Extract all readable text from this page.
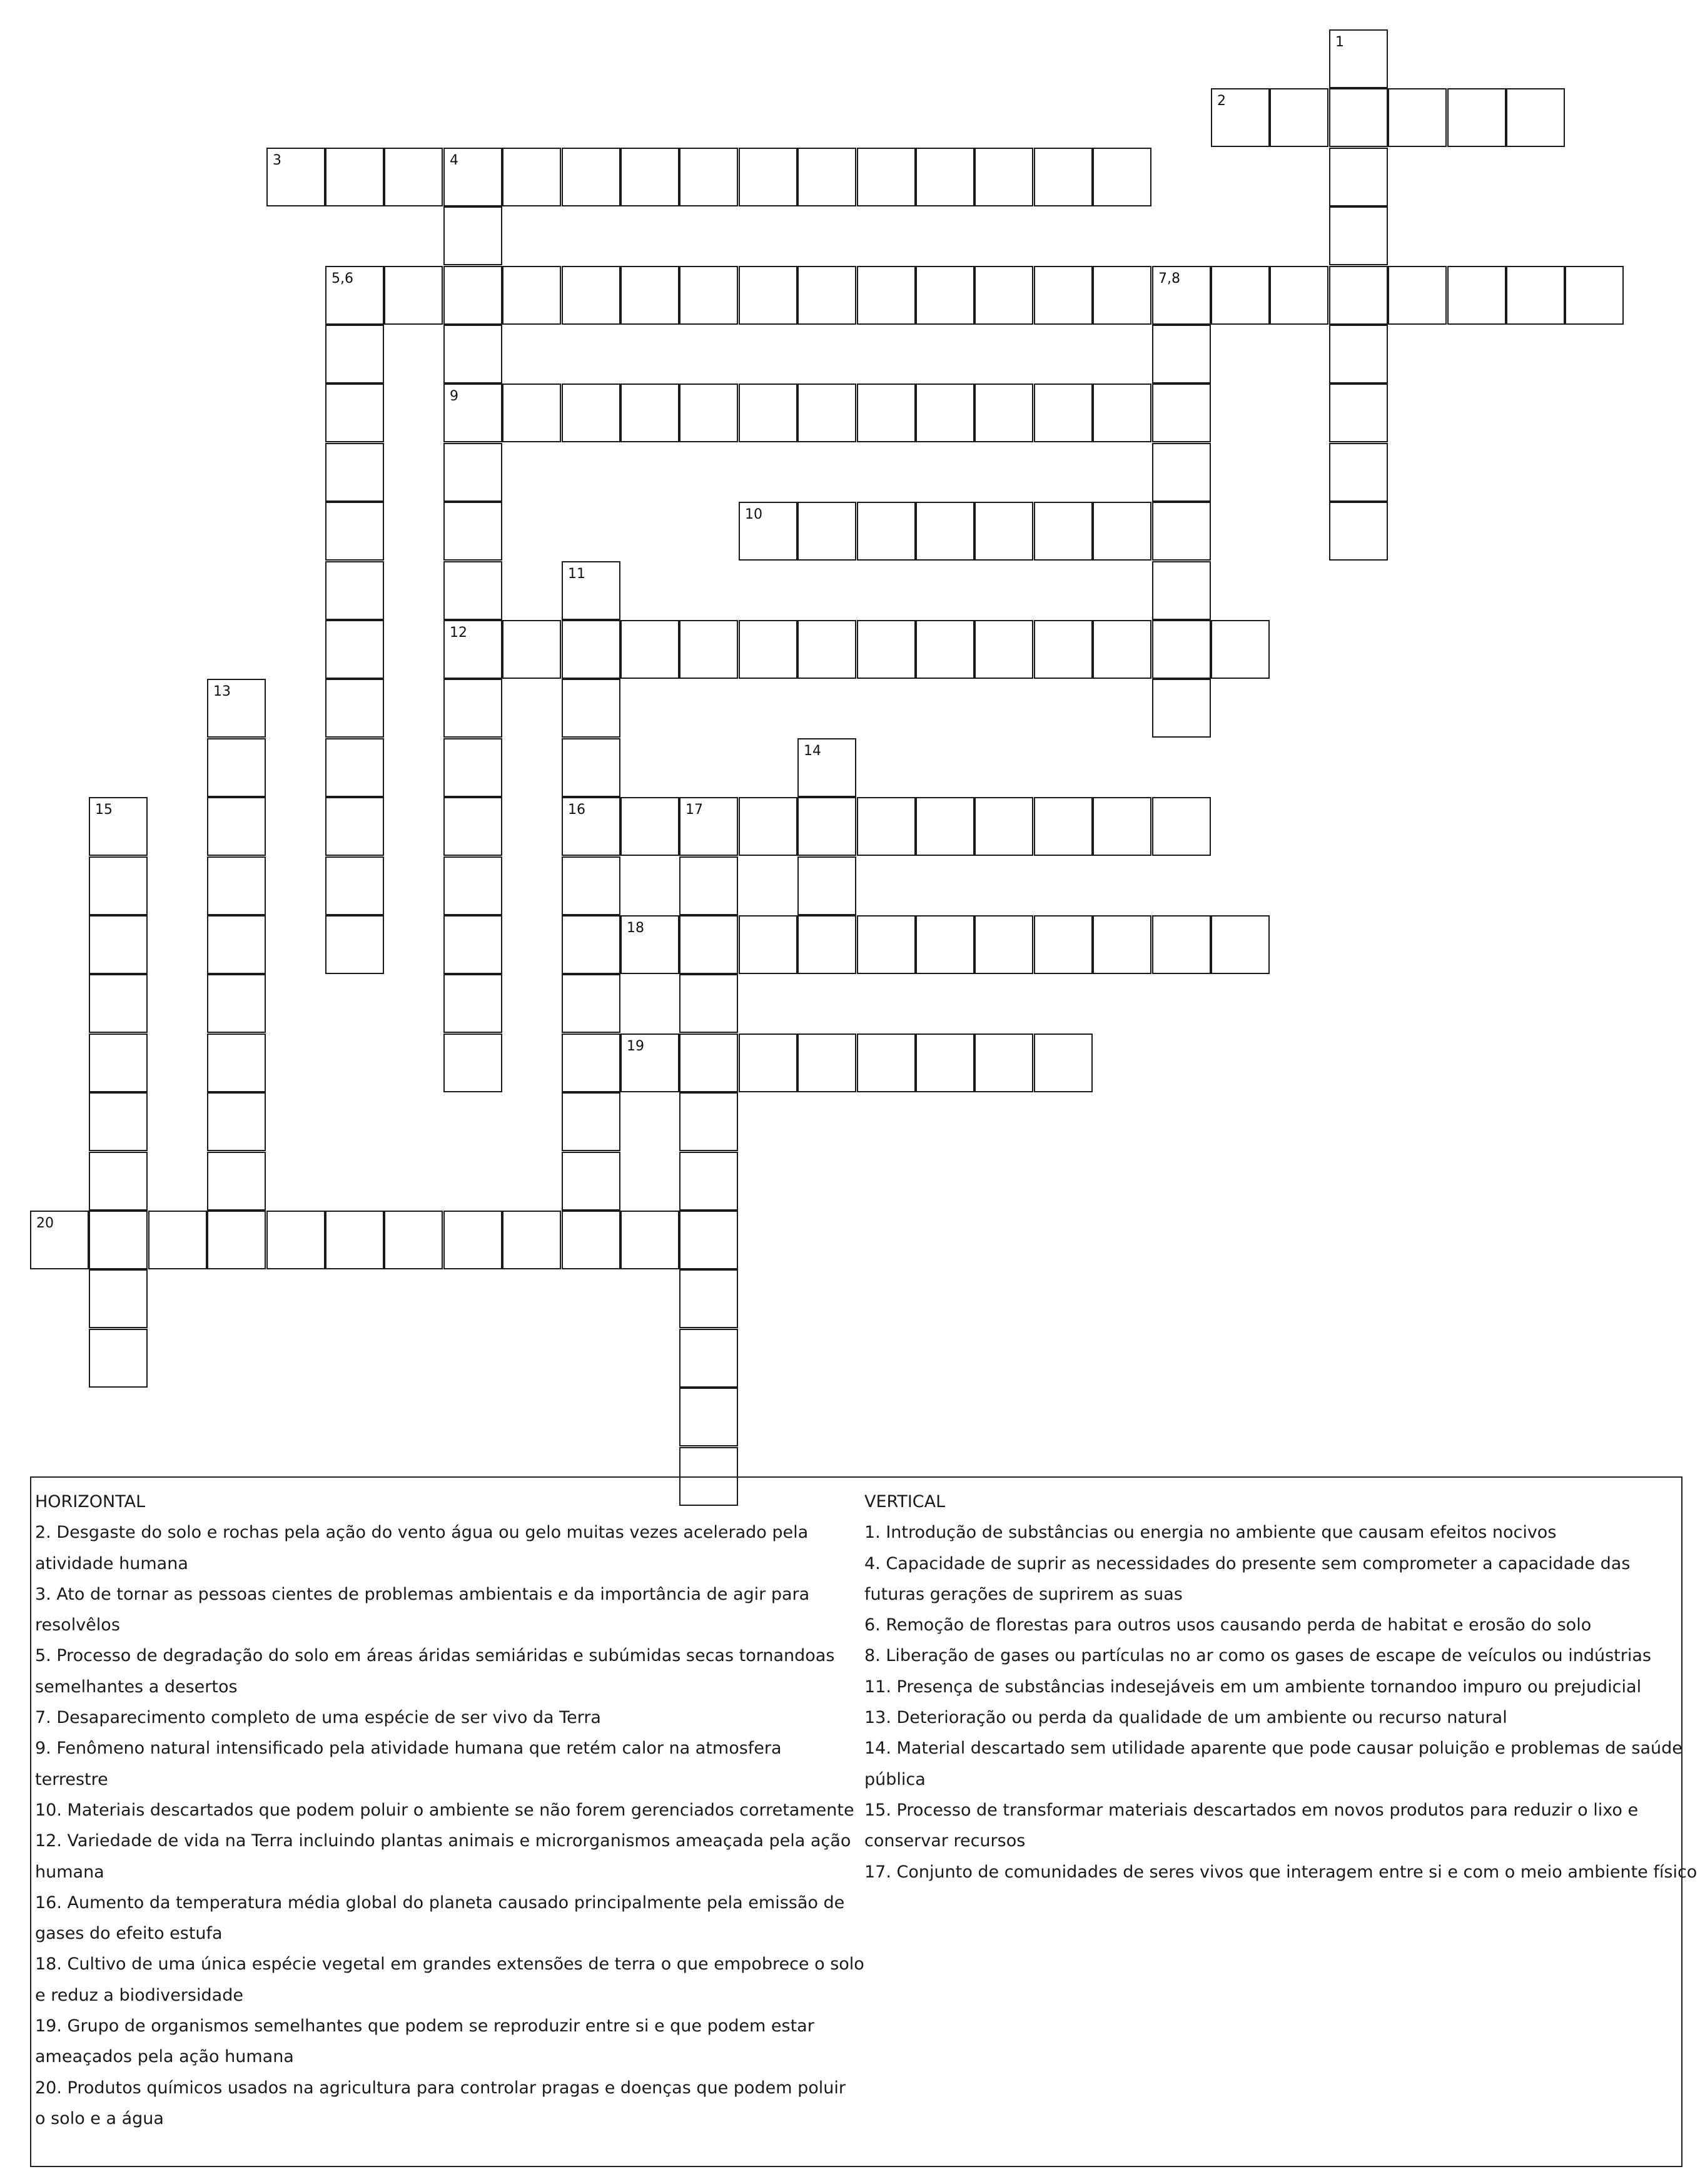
1
2
3	4
5,6	7,8
9
10
11
12
13
14
15	16	17
18
19
20
HORIZONTAL
2. Desgaste do solo e rochas pela ação do vento água ou gelo muitas vezes acelerado pela
atividade humana
3. Ato de tornar as pessoas cientes de problemas ambientais e da importância de agir para
resolvêlos
5. Processo de degradação do solo em áreas áridas semiáridas e subúmidas secas tornandoas
semelhantes a desertos
7. Desaparecimento completo de uma espécie de ser vivo da Terra
9. Fenômeno natural intensificado pela atividade humana que retém calor na atmosfera
terrestre
10. Materiais descartados que podem poluir o ambiente se não forem gerenciados corretamente
12. Variedade de vida na Terra incluindo plantas animais e microrganismos ameaçada pela ação
humana
16. Aumento da temperatura média global do planeta causado principalmente pela emissão de
gases do efeito estufa
18. Cultivo de uma única espécie vegetal em grandes extensões de terra o que empobrece o solo
e reduz a biodiversidade
19. Grupo de organismos semelhantes que podem se reproduzir entre si e que podem estar
ameaçados pela ação humana
20. Produtos químicos usados na agricultura para controlar pragas e doenças que podem poluir
o solo e a água
VERTICAL
1. Introdução de substâncias ou energia no ambiente que causam efeitos nocivos
4. Capacidade de suprir as necessidades do presente sem comprometer a capacidade das
futuras gerações de suprirem as suas
6. Remoção de florestas para outros usos causando perda de habitat e erosão do solo
8. Liberação de gases ou partículas no ar como os gases de escape de veículos ou indústrias
11. Presença de substâncias indesejáveis em um ambiente tornandoo impuro ou prejudicial
13. Deterioração ou perda da qualidade de um ambiente ou recurso natural
14. Material descartado sem utilidade aparente que pode causar poluição e problemas de saúde
pública
15. Processo de transformar materiais descartados em novos produtos para reduzir o lixo e
conservar recursos
17. Conjunto de comunidades de seres vivos que interagem entre si e com o meio ambiente físico
